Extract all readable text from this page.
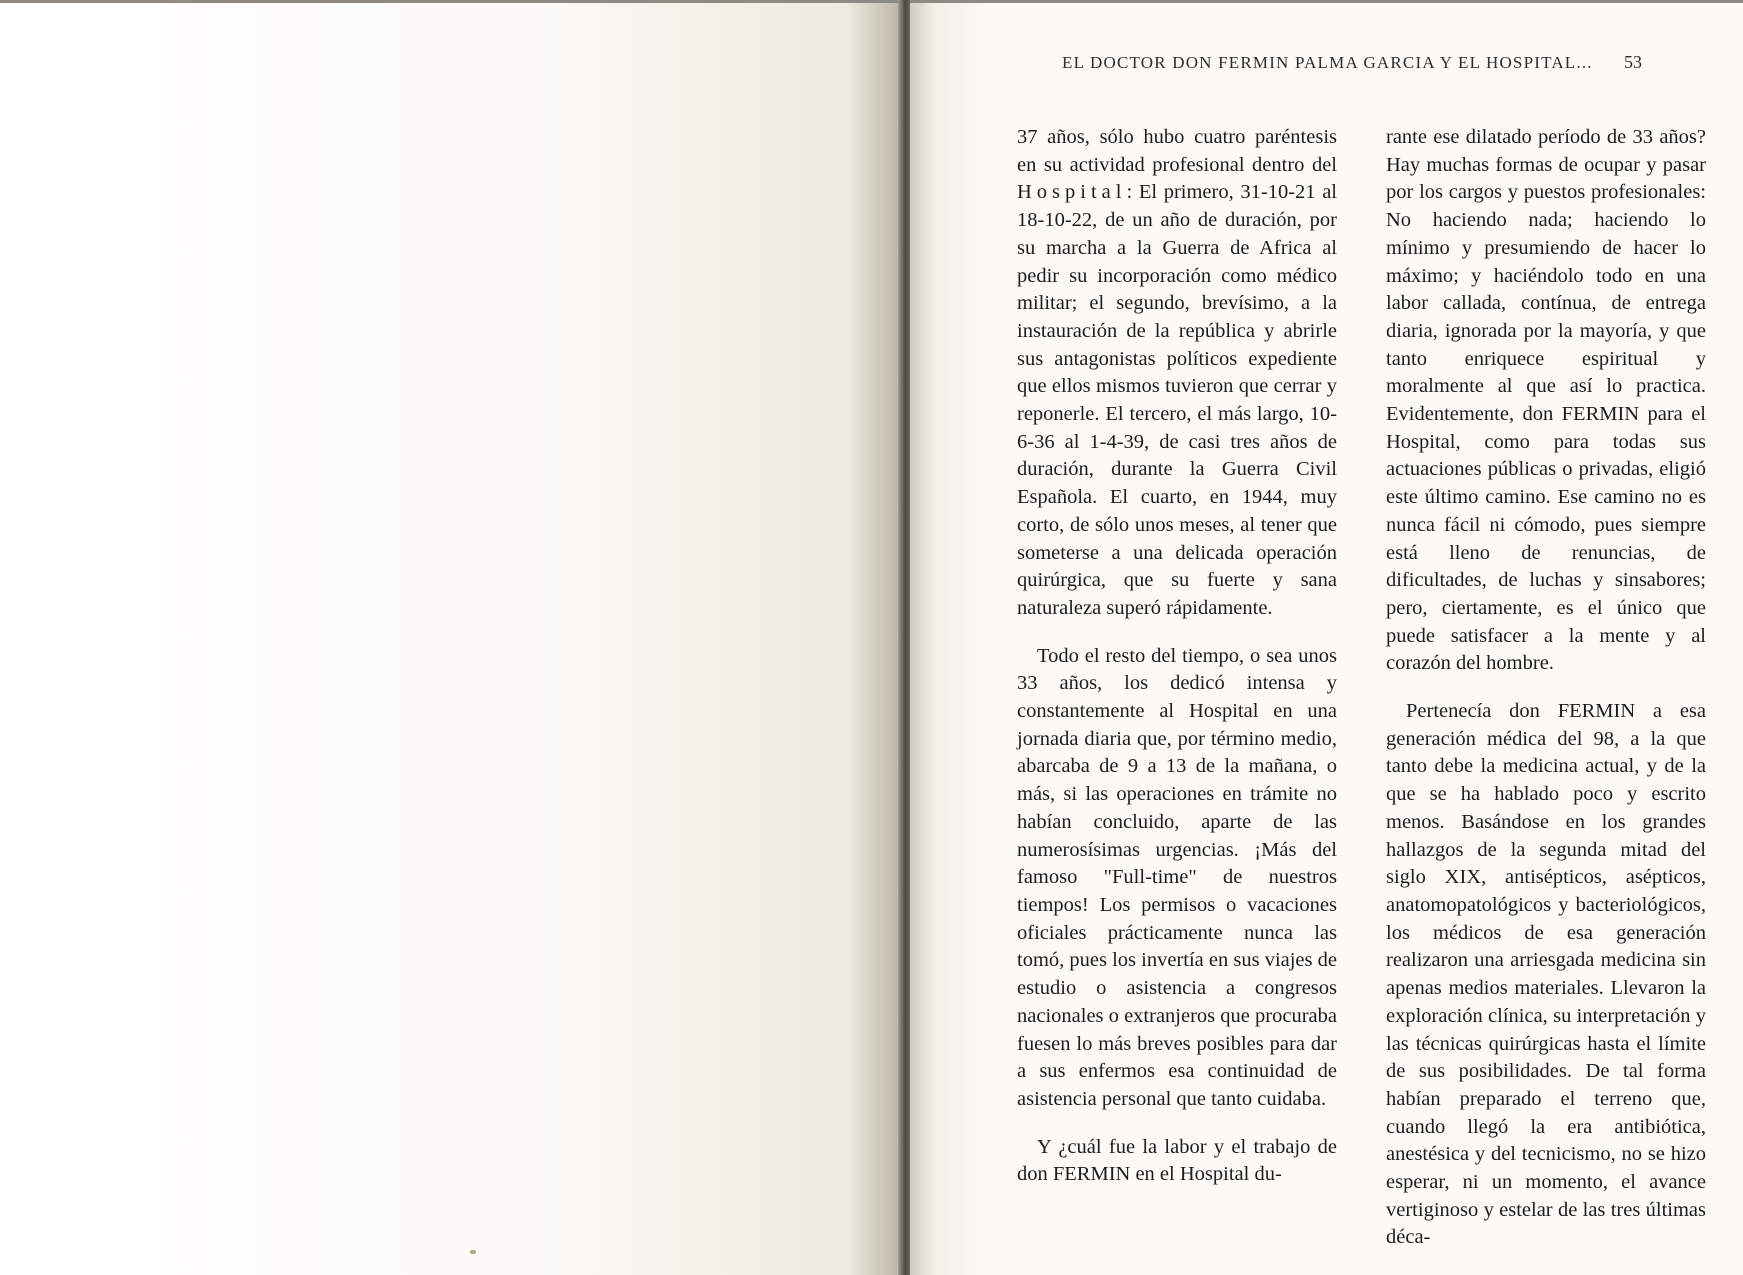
EL DOCTOR DON FERMIN PALMA GARCIA Y EL HOSPITAL... 53

37 años, sólo hubo cuatro paréntesis en su actividad profesional dentro del Hospital: El primero, 31-10-21 al 18-10-22, de un año de duración, por su marcha a la Guerra de Africa al pedir su incorporación como médico militar; el segundo, brevísimo, a la instauración de la república y abrirle sus antagonistas políticos expediente que ellos mismos tuvieron que cerrar y reponerle. El tercero, el más largo, 10-6-36 al 1-4-39, de casi tres años de duración, durante la Guerra Civil Española. El cuarto, en 1944, muy corto, de sólo unos meses, al tener que someterse a una delicada operación quirúrgica, que su fuerte y sana naturaleza superó rápidamente.

Todo el resto del tiempo, o sea unos 33 años, los dedicó intensa y constantemente al Hospital en una jornada diaria que, por término medio, abarcaba de 9 a 13 de la mañana, o más, si las operaciones en trámite no habían concluido, aparte de las numerosísimas urgencias. ¡Más del famoso "Full-time" de nuestros tiempos! Los permisos o vacaciones oficiales prácticamente nunca las tomó, pues los invertía en sus viajes de estudio o asistencia a congresos nacionales o extranjeros que procuraba fuesen lo más breves posibles para dar a sus enfermos esa continuidad de asistencia personal que tanto cuidaba.

Y ¿cuál fue la labor y el trabajo de don FERMIN en el Hospital du-

rante ese dilatado período de 33 años? Hay muchas formas de ocupar y pasar por los cargos y puestos profesionales: No haciendo nada; haciendo lo mínimo y presumiendo de hacer lo máximo; y haciéndolo todo en una labor callada, contínua, de entrega diaria, ignorada por la mayoría, y que tanto enriquece espiritual y moralmente al que así lo practica. Evidentemente, don FERMIN para el Hospital, como para todas sus actuaciones públicas o privadas, eligió este último camino. Ese camino no es nunca fácil ni cómodo, pues siempre está lleno de renuncias, de dificultades, de luchas y sinsabores; pero, ciertamente, es el único que puede satisfacer a la mente y al corazón del hombre.

Pertenecía don FERMIN a esa generación médica del 98, a la que tanto debe la medicina actual, y de la que se ha hablado poco y escrito menos. Basándose en los grandes hallazgos de la segunda mitad del siglo XIX, antisépticos, asépticos, anatomopatológicos y bacteriológicos, los médicos de esa generación realizaron una arriesgada medicina sin apenas medios materiales. Llevaron la exploración clínica, su interpretación y las técnicas quirúrgicas hasta el límite de sus posibilidades. De tal forma habían preparado el terreno que, cuando llegó la era antibiótica, anestésica y del tecnicismo, no se hizo esperar, ni un momento, el avance vertiginoso y estelar de las tres últimas déca-
